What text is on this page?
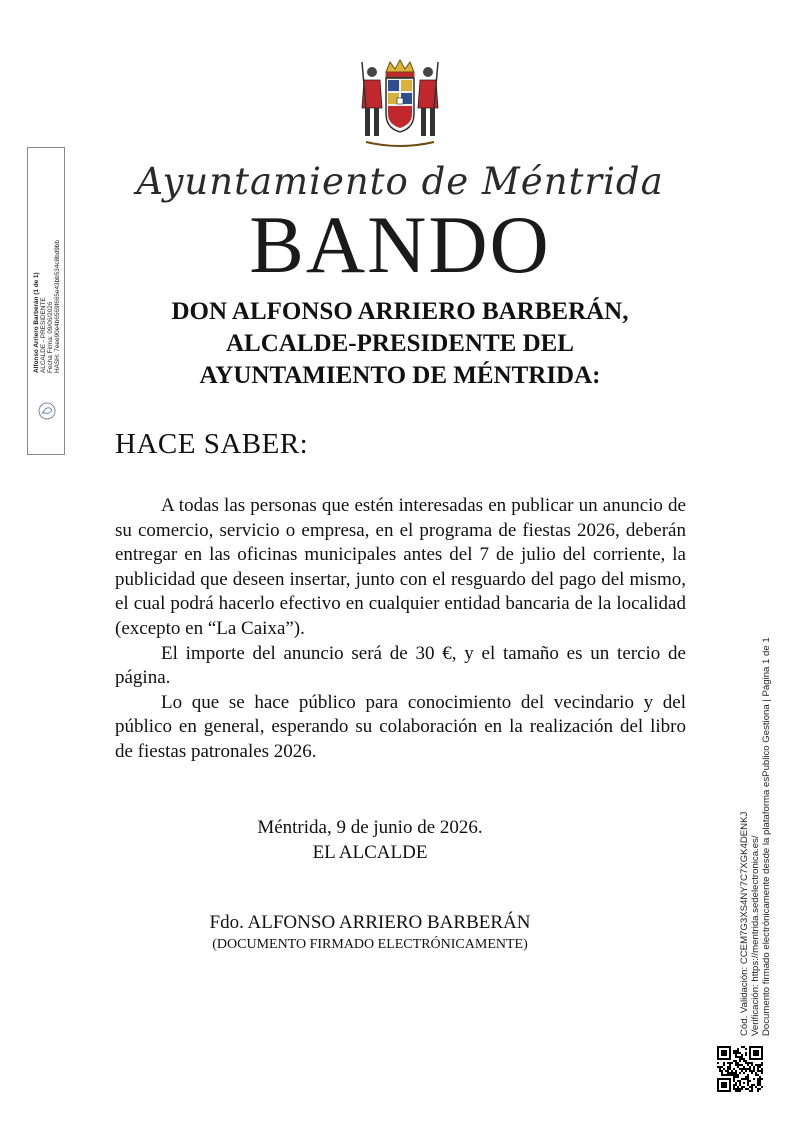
Ayuntamiento de Méntrida
BANDO
DON ALFONSO ARRIERO BARBERÁN,
ALCALDE-PRESIDENTE DEL
AYUNTAMIENTO DE MÉNTRIDA:
HACE SABER:

A todas las personas que estén interesadas en publicar un anuncio de su comercio, servicio o empresa, en el programa de fiestas 2026, deberán entregar en las oficinas municipales antes del 7 de julio del corriente, la publicidad que deseen insertar, junto con el resguardo del pago del mismo, el cual podrá hacerlo efectivo en cualquier entidad bancaria de la localidad (excepto en “La Caixa”).

El importe del anuncio será de 30 €, y el tamaño es un tercio de página.

Lo que se hace público para conocimiento del vecindario y del público en general, esperando su colaboración en la realización del libro de fiestas patronales 2026.

Méntrida, 9 de junio de 2026.
EL ALCALDE
Fdo. ALFONSO ARRIERO BARBERÁN
(DOCUMENTO FIRMADO ELECTRÓNICAMENTE)
Alfonso Arriero Barberán (1 de 1) ALCALDE - PRESIDENTE Fecha Firma: 09/06/2026 HASH: 7eee90e4b6569f665e43bb534c8bd9bb
Cód. Validación: CCEM7G3XS4NY7C7XGK4DENKJ Verificación: https://mentrida.sedelectronica.es/ Documento firmado electrónicamente desde la plataforma esPublico Gestiona | Página 1 de 1
